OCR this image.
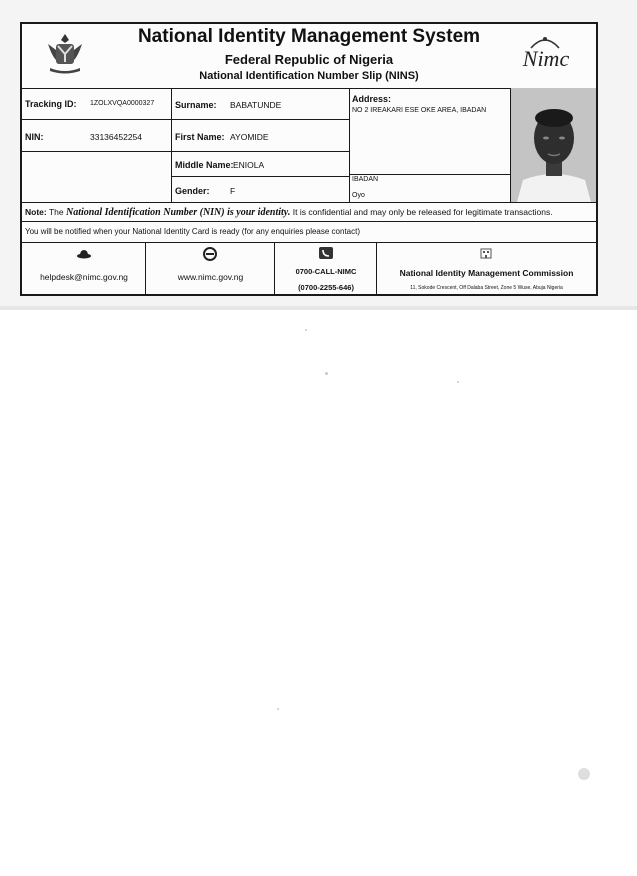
National Identity Management System
Federal Republic of Nigeria
National Identification Number Slip (NINS)
Nimc
Tracking ID: 1ZOLXVQA0000327
NIN:	33136452254
Surname: BABATUNDE
First Name: AYOMIDE
Middle Name: ENIOLA
Gender: F
Address:
NO 2 IREAKARI ESE OKE AREA, IBADAN
IBADAN
Oyo
Note: The National Identification Number (NIN) is your identity. It is confidential and may only be released for legitimate transactions.
You will be notified when your National Identity Card is ready (for any enquiries please contact)
helpdesk@nimc.gov.ng	www.nimc.gov.ng
0700-CALL-NIMC
(0700-2255-646)
National Identity Management Commission
11, Sokode Crescent, Off Dalaba Street, Zone 5 Wuse, Abuja Nigeria
